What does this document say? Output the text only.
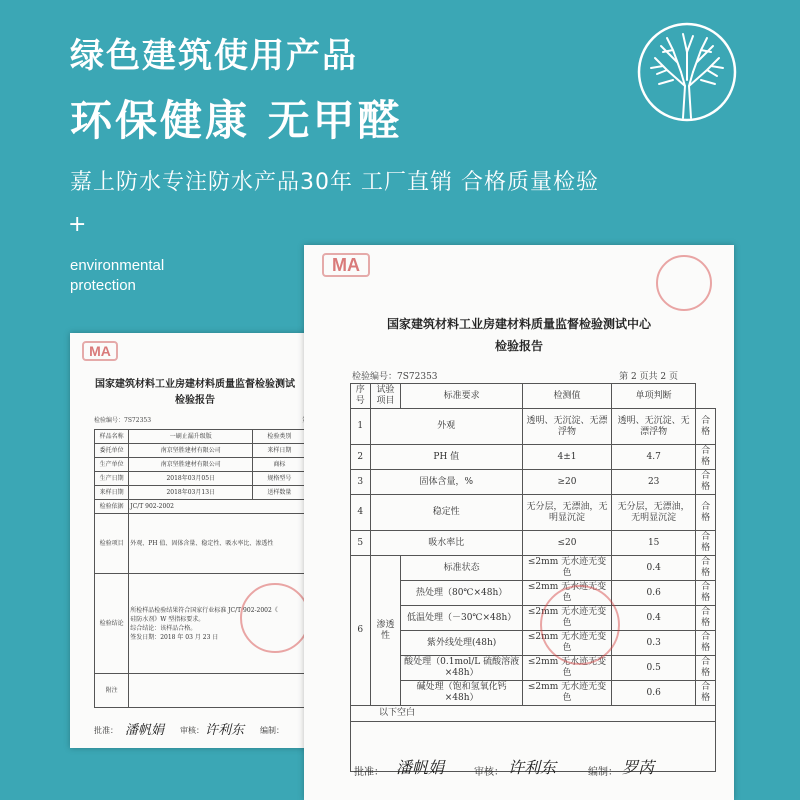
绿色建筑使用产品
环保健康 无甲醛
嘉上防水专注防水产品30年 工厂直销 合格质量检验
+
environmental
protection
MA
国家建筑材料工业房建材料质量监督检验测试
检验报告
检验编号：7S72353
样品名称	一刷止漏升级版	检验类别	
委托单位	南京坚胜建材有限公司	来样日期	
生产单位	南京坚胜建材有限公司	商标	
生产日期	2018年03月05日	规格型号	
来样日期	2018年03月13日	送样数量	
检验依据	JC/T 902-2002		

检验项目	外观、PH 值、固体含量、稳定性、吸水率比、渗透性		

检验结论	所检样品检验结果符合国家行业标准 JC/T 902-2002《
硅防水剂》W 型指标要求。
综合结论：该样品合格。
签发日期：2018 年 03 月 23 日		

附注			
批准： 潘帆娟 审核： 许利东 编制：
MA
国家建筑材料工业房建材料质量监督检验测试中心
检验报告
检验编号：7S72353	第 2 页共 2 页
序号	试验项目	标准要求	检测值	单项判断	
1	外观		透明、无沉淀、无漂浮物	透明、无沉淀、无漂浮物	合格
2	PH 值		4±1	4.7	合格
3	固体含量，%		≥20	23	合格
4	稳定性		无分层，无漂油，无明显沉淀	无分层，无漂油，无明显沉淀	合格
5	吸水率比		≤20	15	合格
6	渗透性	标准状态	≤2mm 无水迹无变色	0.4	合格
		热处理（80℃×48h）	≤2mm 无水迹无变色	0.6	合格
		低温处理（－30℃×48h）	≤2mm 无水迹无变色	0.4	合格
		紫外线处理(48h)	≤2mm 无水迹无变色	0.3	合格
		酸处理（0.1mol/L 硫酸溶液×48h）	≤2mm 无水迹无变色	0.5	合格
		碱处理（饱和氢氧化钙×48h）	≤2mm 无水迹无变色	0.6	合格
以下空白					

批准： 潘帆娟	审核： 许利东	编制： 罗芮
